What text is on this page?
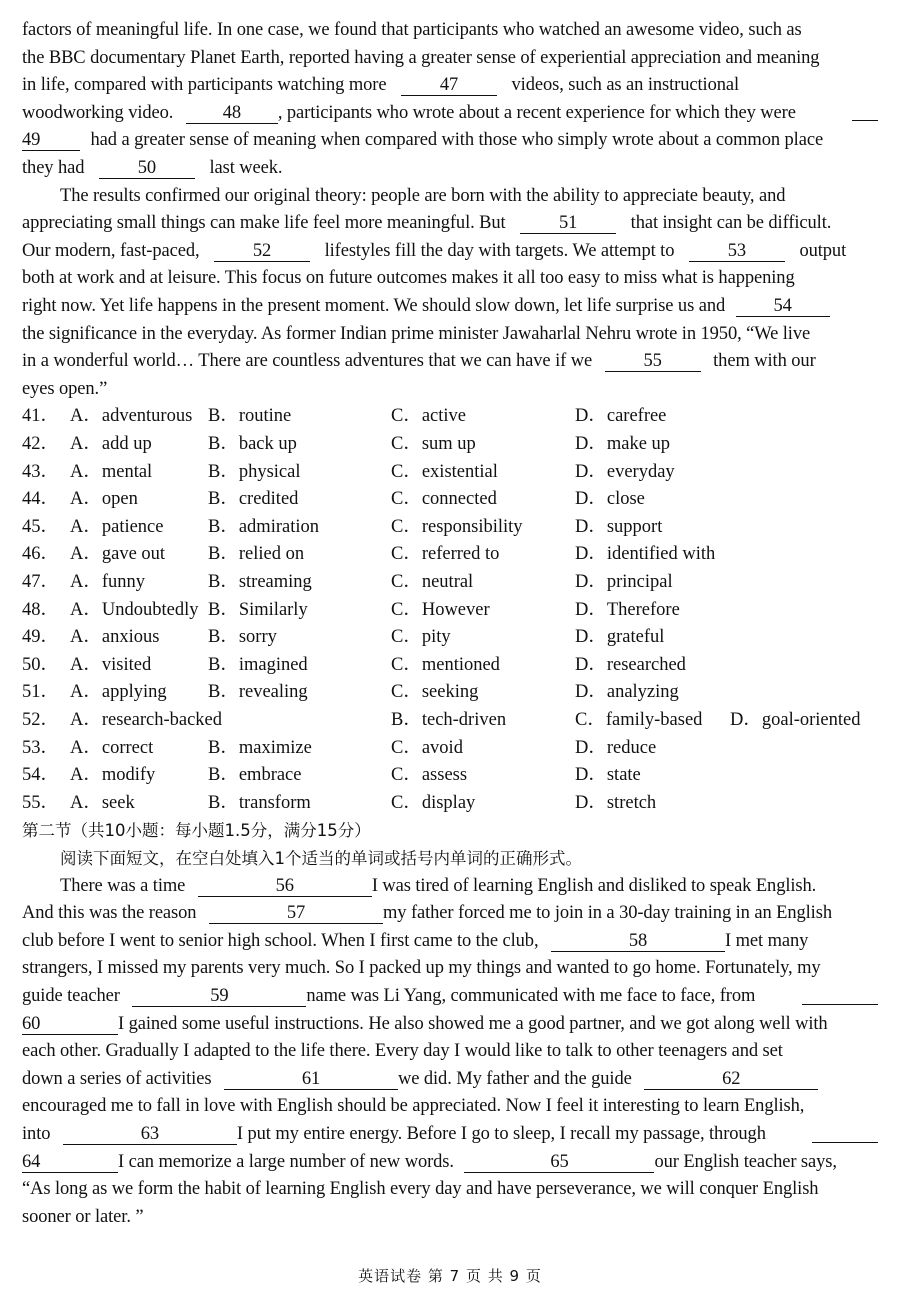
factors of meaningful life. In one case, we found that participants who watched an awesome video, such as
the BBC documentary Planet Earth, reported having a greater sense of experiential appreciation and meaning
in life, compared with participants watching more	47	videos, such as an instructional
woodworking video.	48 , participants who wrote about a recent experience for which they were
49	had a greater sense of meaning when compared with those who simply wrote about a common place
they had	50	last week.
The results confirmed our original theory: people are born with the ability to appreciate beauty, and
appreciating small things can make life feel more meaningful. But	51	that insight can be difficult.
Our modern, fast-paced,	52	lifestyles fill the day with targets. We attempt to	53	output
both at work and at leisure. This focus on future outcomes makes it all too easy to miss what is happening
right now. Yet life happens in the present moment. We should slow down, let life surprise us and	54
the significance in the everyday. As former Indian prime minister Jawaharlal Nehru wrote in 1950, “We live
in a wonderful world… There are countless adventures that we can have if we	55	them with our
eyes open.”
41． A．adventurous B．routine	C．active	D．carefree
42． A．add up	B．back up	C．sum up	D．make up
43． A．mental	B．physical	C．existential	D．everyday
44． A．open	B．credited	C．connected	D．close
45． A．patience B．admiration	C．responsibility	D．support
46． A．gave out B．relied on	C．referred to	D．identified with
47． A．funny	B．streaming	C．neutral	D．principal
48． A．Undoubtedly B．Similarly	C．However	D．Therefore
49． A．anxious	B．sorry	C．pity	D．grateful
50． A．visited	B．imagined	C．mentioned	D．researched
51． A．applying B．revealing	C．seeking	D．analyzing
52． A．research-backed	B．tech-driven	C．family-based D．goal-oriented
53． A．correct	B．maximize	C．avoid	D．reduce
54． A．modify	B．embrace	C．assess	D．state
55． A．seek	B．transform	C．display	D．stretch
第二节（共10小题：每小题1.5分，满分15分）
阅读下面短文，在空白处填入1个适当的单词或括号内单词的正确形式。
There was a time	56	I was tired of learning English and disliked to speak English.
And this was the reason	57	my father forced me to join in a 30-day training in an English
club before I went to senior high school. When I first came to the club,	58	I met many
strangers, I missed my parents very much. So I packed up my things and wanted to go home. Fortunately, my
guide teacher	59	name was Li Yang, communicated with me face to face, from
60	I gained some useful instructions. He also showed me a good partner, and we got along well with
each other. Gradually I adapted to the life there. Every day I would like to talk to other teenagers and set
down a series of activities	61	we did. My father and the guide	62
encouraged me to fall in love with English should be appreciated. Now I feel it interesting to learn English,
into	63	I put my entire energy. Before I go to sleep, I recall my passage, through
64	I can memorize a large number of new words.	65	our English teacher says,
“As long as we form the habit of learning English every day and have perseverance, we will conquer English
sooner or later. ”
英语试卷 第 7 页 共 9 页
